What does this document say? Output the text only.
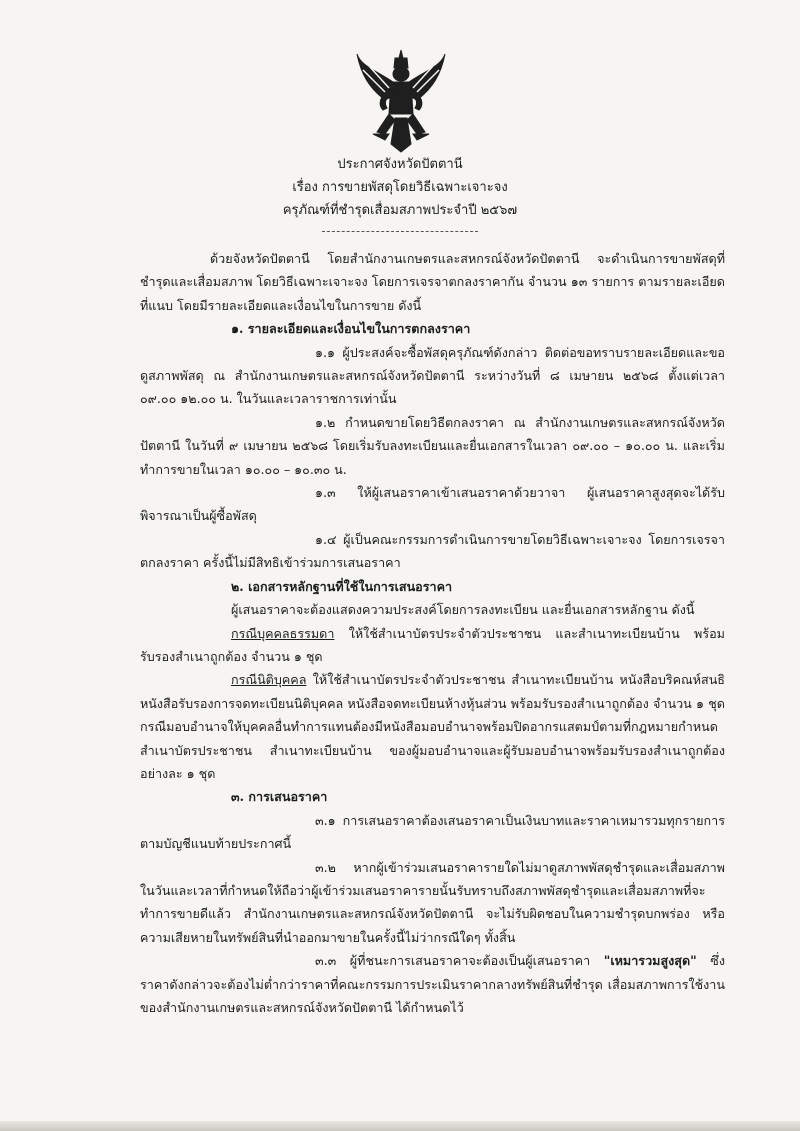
ประกาศจังหวัดปัตตานี
เรื่อง การขายพัสดุโดยวิธีเฉพาะเจาะจง
ครุภัณฑ์ที่ชำรุดเสื่อมสภาพประจำปี ๒๕๖๗

ด้วยจังหวัดปัตตานี โดยสำนักงานเกษตรและสหกรณ์จังหวัดปัตตานี จะดำเนินการขายพัสดุที่ชำรุดและเสื่อมสภาพ โดยวิธีเฉพาะเจาะจง โดยการเจรจาตกลงราคากัน จำนวน ๑๓ รายการ ตามรายละเอียดที่แนบ โดยมีรายละเอียดและเงื่อนไขในการขาย ดังนี้

๑. รายละเอียดและเงื่อนไขในการตกลงราคา

๑.๑ ผู้ประสงค์จะซื้อพัสดุครุภัณฑ์ดังกล่าว ติดต่อขอทราบรายละเอียดและขอดูสภาพพัสดุ ณ สำนักงานเกษตรและสหกรณ์จังหวัดปัตตานี ระหว่างวันที่ ๘ เมษายน ๒๕๖๘ ตั้งแต่เวลา ๐๙.๐๐ ๑๒.๐๐ น. ในวันและเวลาราชการเท่านั้น

๑.๒ กำหนดขายโดยวิธีตกลงราคา ณ สำนักงานเกษตรและสหกรณ์จังหวัดปัตตานี ในวันที่ ๙ เมษายน ๒๕๖๘ โดยเริ่มรับลงทะเบียนและยื่นเอกสารในเวลา ๐๙.๐๐ – ๑๐.๐๐ น. และเริ่มทำการขายในเวลา ๑๐.๐๐ – ๑๐.๓๐ น.

๑.๓ ให้ผู้เสนอราคาเข้าเสนอราคาด้วยวาจา ผู้เสนอราคาสูงสุดจะได้รับพิจารณาเป็นผู้ซื้อพัสดุ

๑.๔ ผู้เป็นคณะกรรมการดำเนินการขายโดยวิธีเฉพาะเจาะจง โดยการเจรจาตกลงราคา ครั้งนี้ไม่มีสิทธิเข้าร่วมการเสนอราคา

๒. เอกสารหลักฐานที่ใช้ในการเสนอราคา

ผู้เสนอราคาจะต้องแสดงความประสงค์โดยการลงทะเบียน และยื่นเอกสารหลักฐาน ดังนี้

กรณีบุคคลธรรมดา ให้ใช้สำเนาบัตรประจำตัวประชาชน และสำเนาทะเบียนบ้าน พร้อมรับรองสำเนาถูกต้อง จำนวน ๑ ชุด

กรณีนิติบุคคล ให้ใช้สำเนาบัตรประจำตัวประชาชน สำเนาทะเบียนบ้าน หนังสือบริคณห์สนธิ หนังสือรับรองการจดทะเบียนนิติบุคคล หนังสือจดทะเบียนห้างหุ้นส่วน พร้อมรับรองสำเนาถูกต้อง จำนวน ๑ ชุด กรณีมอบอำนาจให้บุคคลอื่นทำการแทนต้องมีหนังสือมอบอำนาจพร้อมปิดอากรแสตมป์ตามที่กฎหมายกำหนด สำเนาบัตรประชาชน สำเนาทะเบียนบ้าน ของผู้มอบอำนาจและผู้รับมอบอำนาจพร้อมรับรองสำเนาถูกต้องอย่างละ ๑ ชุด

๓. การเสนอราคา

๓.๑ การเสนอราคาต้องเสนอราคาเป็นเงินบาทและราคาเหมารวมทุกรายการตามบัญชีแนบท้ายประกาศนี้

๓.๒ หากผู้เข้าร่วมเสนอราคารายใดไม่มาดูสภาพพัสดุชำรุดและเสื่อมสภาพในวันและเวลาที่กำหนดให้ถือว่าผู้เข้าร่วมเสนอราคารายนั้นรับทราบถึงสภาพพัสดุชำรุดและเสื่อมสภาพที่จะทำการขายดีแล้ว สำนักงานเกษตรและสหกรณ์จังหวัดปัตตานี จะไม่รับผิดชอบในความชำรุดบกพร่อง หรือความเสียหายในทรัพย์สินที่นำออกมาขายในครั้งนี้ไม่ว่ากรณีใดๆ ทั้งสิ้น

๓.๓ ผู้ที่ชนะการเสนอราคาจะต้องเป็นผู้เสนอราคา "เหมารวมสูงสุด" ซึ่งราคาดังกล่าวจะต้องไม่ต่ำกว่าราคาที่คณะกรรมการประเมินราคากลางทรัพย์สินที่ชำรุด เสื่อมสภาพการใช้งาน ของสำนักงานเกษตรและสหกรณ์จังหวัดปัตตานี ได้กำหนดไว้
